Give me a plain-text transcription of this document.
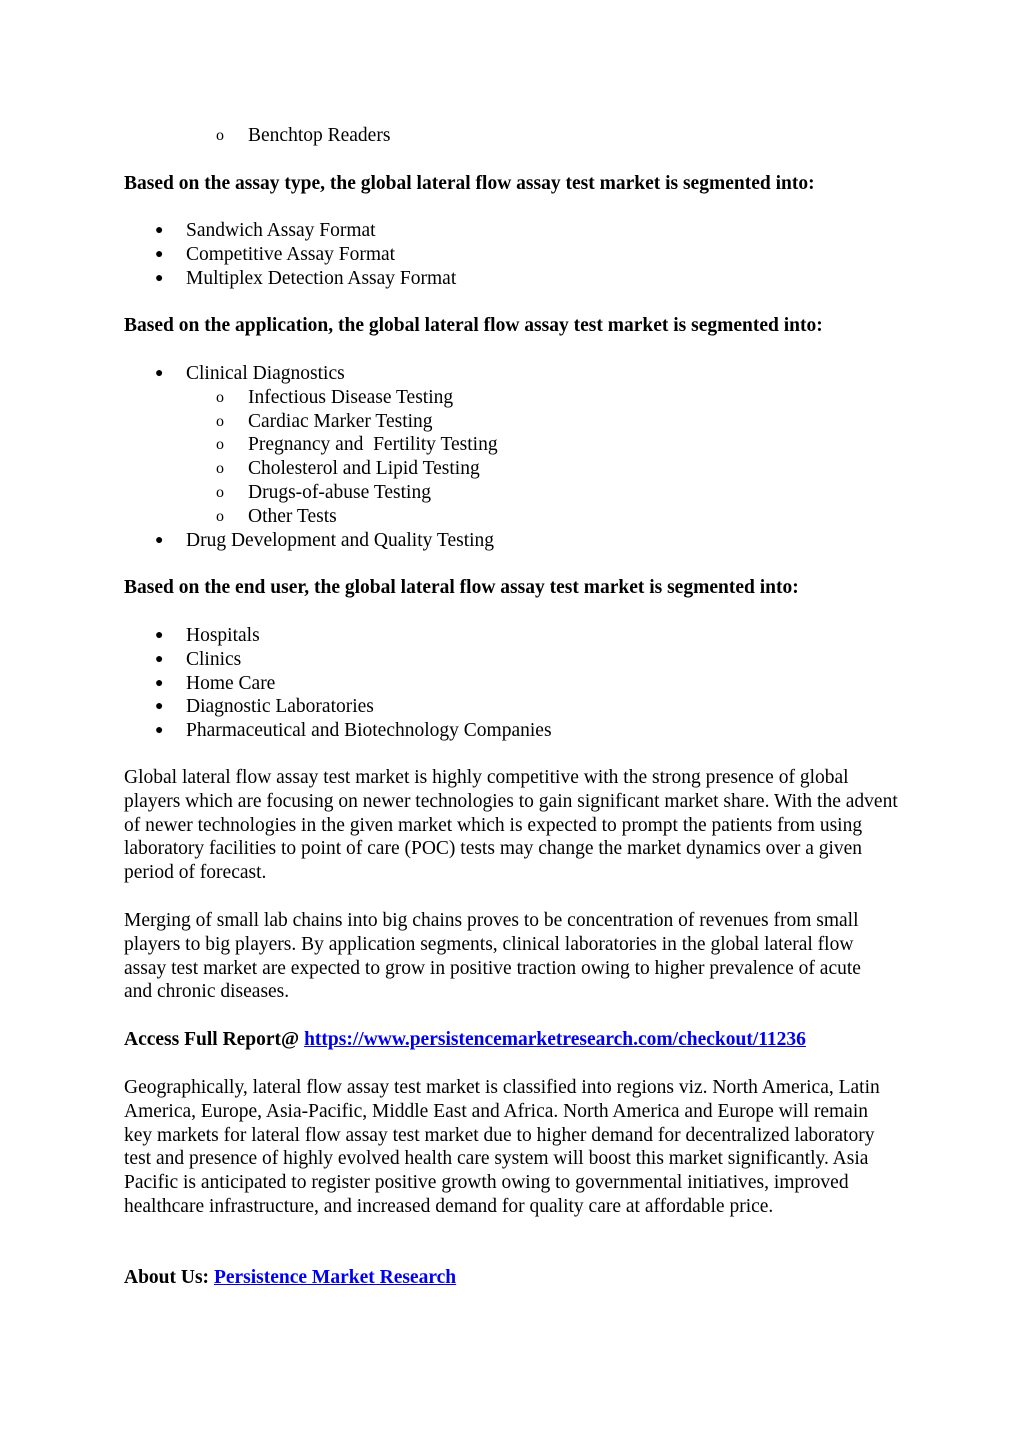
o Benchtop Readers

Based on the assay type, the global lateral flow assay test market is segmented into:

● Sandwich Assay Format
● Competitive Assay Format
● Multiplex Detection Assay Format

Based on the application, the global lateral flow assay test market is segmented into:

● Clinical Diagnostics
o Infectious Disease Testing
o Cardiac Marker Testing
o Pregnancy and  Fertility Testing
o Cholesterol and Lipid Testing
o Drugs-of-abuse Testing
o Other Tests
● Drug Development and Quality Testing

Based on the end user, the global lateral flow assay test market is segmented into:

● Hospitals
● Clinics
● Home Care
● Diagnostic Laboratories
● Pharmaceutical and Biotechnology Companies

Global lateral flow assay test market is highly competitive with the strong presence of global players which are focusing on newer technologies to gain significant market share. With the advent of newer technologies in the given market which is expected to prompt the patients from using laboratory facilities to point of care (POC) tests may change the market dynamics over a given period of forecast.

Merging of small lab chains into big chains proves to be concentration of revenues from small players to big players. By application segments, clinical laboratories in the global lateral flow assay test market are expected to grow in positive traction owing to higher prevalence of acute and chronic diseases.

Access Full Report@ https://www.persistencemarketresearch.com/checkout/11236

Geographically, lateral flow assay test market is classified into regions viz. North America, Latin America, Europe, Asia-Pacific, Middle East and Africa. North America and Europe will remain key markets for lateral flow assay test market due to higher demand for decentralized laboratory test and presence of highly evolved health care system will boost this market significantly. Asia Pacific is anticipated to register positive growth owing to governmental initiatives, improved healthcare infrastructure, and increased demand for quality care at affordable price.

About Us: Persistence Market Research
